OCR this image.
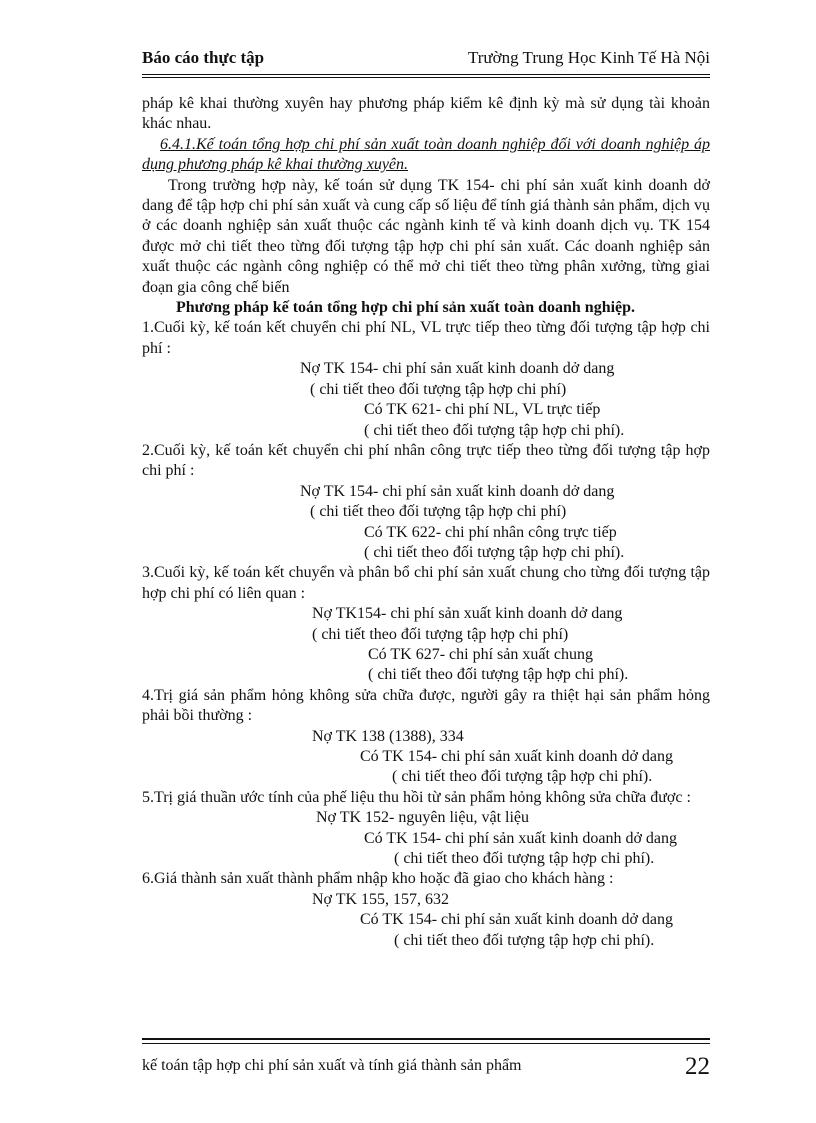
Báo cáo thực tập	Trường Trung Học Kinh Tế Hà Nội

pháp kê khai thường xuyên hay phương pháp kiểm kê định kỳ mà sử dụng tài khoản khác nhau.

6.4.1.Kế toán tổng hợp chi phí sản xuất toàn doanh nghiệp đối với doanh nghiệp áp dụng phương pháp kê khai thường xuyên.

Trong trường hợp này, kế toán sử dụng TK 154- chi phí sản xuất kinh doanh dở dang để tập hợp chi phí sản xuất và cung cấp số liệu để tính giá thành sản phẩm, dịch vụ ở các doanh nghiệp sản xuất thuộc các ngành kinh tế và kinh doanh dịch vụ. TK 154 được mở chi tiết theo từng đối tượng tập hợp chi phí sản xuất. Các doanh nghiệp sản xuất thuộc các ngành công nghiệp có thể mở chi tiết theo từng phân xưởng, từng giai đoạn gia công chế biến

Phương pháp kế toán tổng hợp chi phí sản xuất toàn doanh nghiệp.

1.Cuối kỳ, kế toán kết chuyển chi phí NL, VL trực tiếp theo từng đối tượng tập hợp chi phí :

Nợ TK 154- chi phí sản xuất kinh doanh dở dang

( chi tiết theo đối tượng tập hợp chi phí)

Có TK 621- chi phí NL, VL trực tiếp

( chi tiết theo đối tượng tập hợp chi phí).

2.Cuối kỳ, kế toán kết chuyển chi phí nhân công trực tiếp theo từng đối tượng tập hợp chi phí :

Nợ TK 154- chi phí sản xuất kinh doanh dở dang

( chi tiết theo đối tượng tập hợp chi phí)

Có TK 622- chi phí nhân công trực tiếp

( chi tiết theo đối tượng tập hợp chi phí).

3.Cuối kỳ, kế toán kết chuyển và phân bổ chi phí sản xuất chung cho từng đối tượng tập hợp chi phí có liên quan :

Nợ TK154- chi phí sản xuất kinh doanh dở dang

( chi tiết theo đối tượng tập hợp chi phí)

Có TK 627- chi phí sản xuất chung

( chi tiết theo đối tượng tập hợp chi phí).

4.Trị giá sản phẩm hỏng không sửa chữa được, người gây ra thiệt hại sản phẩm hỏng phải bồi thường :

Nợ TK 138 (1388), 334

Có TK 154- chi phí sản xuất kinh doanh dở dang

( chi tiết theo đối tượng tập hợp chi phí).

5.Trị giá thuần ước tính của phế liệu thu hồi từ sản phẩm hỏng không sửa chữa được :

Nợ TK 152- nguyên liệu, vật liệu

Có TK 154- chi phí sản xuất kinh doanh dở dang

( chi tiết theo đối tượng tập hợp chi phí).

6.Giá thành sản xuất thành phẩm nhập kho hoặc đã giao cho khách hàng :

Nợ TK 155, 157, 632

Có TK 154- chi phí sản xuất kinh doanh dở dang

( chi tiết theo đối tượng tập hợp chi phí).

kế toán tập hợp chi phí sản xuất và tính giá thành sản phẩm	22
